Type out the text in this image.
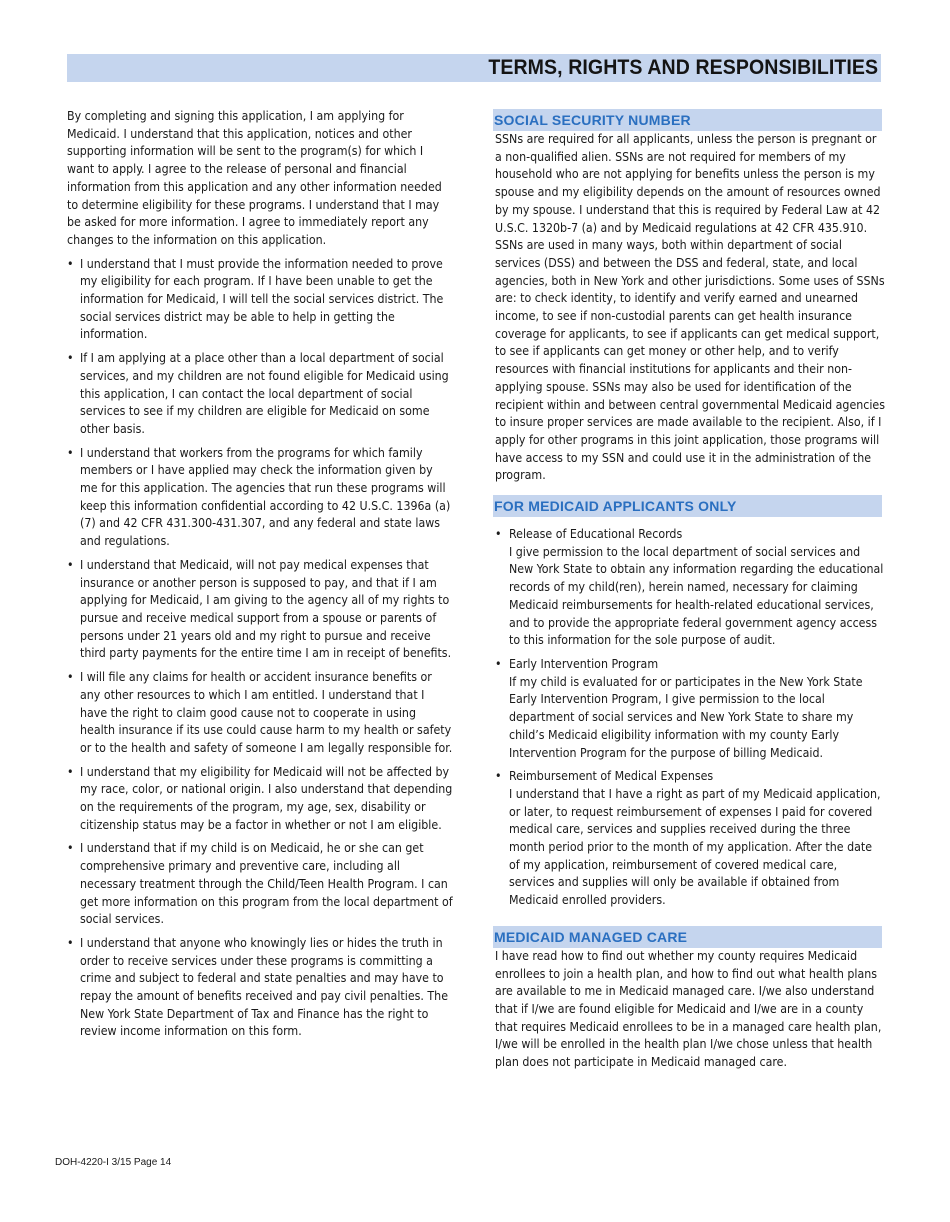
TERMS, RIGHTS AND RESPONSIBILITIES

By completing and signing this application, I am applying for Medicaid. I understand that this application, notices and other supporting information will be sent to the program(s) for which I want to apply. I agree to the release of personal and financial information from this application and any other information needed to determine eligibility for these programs. I understand that I may be asked for more information. I agree to immediately report any changes to the information on this application.

• I understand that I must provide the information needed to prove my eligibility for each program. If I have been unable to get the information for Medicaid, I will tell the social services district. The social services district may be able to help in getting the information.
• If I am applying at a place other than a local department of social services, and my children are not found eligible for Medicaid using this application, I can contact the local department of social services to see if my children are eligible for Medicaid on some other basis.
• I understand that workers from the programs for which family members or I have applied may check the information given by me for this application. The agencies that run these programs will keep this information confidential according to 42 U.S.C. 1396a (a) (7) and 42 CFR 431.300-431.307, and any federal and state laws and regulations.
• I understand that Medicaid, will not pay medical expenses that insurance or another person is supposed to pay, and that if I am applying for Medicaid, I am giving to the agency all of my rights to pursue and receive medical support from a spouse or parents of persons under 21 years old and my right to pursue and receive third party payments for the entire time I am in receipt of benefits.
• I will file any claims for health or accident insurance benefits or any other resources to which I am entitled. I understand that I have the right to claim good cause not to cooperate in using health insurance if its use could cause harm to my health or safety or to the health and safety of someone I am legally responsible for.
• I understand that my eligibility for Medicaid will not be affected by my race, color, or national origin. I also understand that depending on the requirements of the program, my age, sex, disability or citizenship status may be a factor in whether or not I am eligible.
• I understand that if my child is on Medicaid, he or she can get comprehensive primary and preventive care, including all necessary treatment through the Child/Teen Health Program. I can get more information on this program from the local department of social services.
• I understand that anyone who knowingly lies or hides the truth in order to receive services under these programs is committing a crime and subject to federal and state penalties and may have to repay the amount of benefits received and pay civil penalties. The New York State Department of Tax and Finance has the right to review income information on this form.
SOCIAL SECURITY NUMBER

SSNs are required for all applicants, unless the person is pregnant or a non-qualified alien. SSNs are not required for members of my household who are not applying for benefits unless the person is my spouse and my eligibility depends on the amount of resources owned by my spouse. I understand that this is required by Federal Law at 42 U.S.C. 1320b-7 (a) and by Medicaid regulations at 42 CFR 435.910. SSNs are used in many ways, both within department of social services (DSS) and between the DSS and federal, state, and local agencies, both in New York and other jurisdictions. Some uses of SSNs are: to check identity, to identify and verify earned and unearned income, to see if non-custodial parents can get health insurance coverage for applicants, to see if applicants can get medical support, to see if applicants can get money or other help, and to verify resources with financial institutions for applicants and their non-applying spouse. SSNs may also be used for identification of the recipient within and between central governmental Medicaid agencies to insure proper services are made available to the recipient. Also, if I apply for other programs in this joint application, those programs will have access to my SSN and could use it in the administration of the program.

FOR MEDICAID APPLICANTS ONLY
• Release of Educational Records
I give permission to the local department of social services and New York State to obtain any information regarding the educational records of my child(ren), herein named, necessary for claiming Medicaid reimbursements for health-related educational services, and to provide the appropriate federal government agency access to this information for the sole purpose of audit.
• Early Intervention Program
If my child is evaluated for or participates in the New York State Early Intervention Program, I give permission to the local department of social services and New York State to share my child’s Medicaid eligibility information with my county Early Intervention Program for the purpose of billing Medicaid.
• Reimbursement of Medical Expenses
I understand that I have a right as part of my Medicaid application, or later, to request reimbursement of expenses I paid for covered medical care, services and supplies received during the three month period prior to the month of my application. After the date of my application, reimbursement of covered medical care, services and supplies will only be available if obtained from Medicaid enrolled providers.
MEDICAID MANAGED CARE

I have read how to find out whether my county requires Medicaid enrollees to join a health plan, and how to find out what health plans are available to me in Medicaid managed care. I/we also understand that if I/we are found eligible for Medicaid and I/we are in a county that requires Medicaid enrollees to be in a managed care health plan, I/we will be enrolled in the health plan I/we chose unless that health plan does not participate in Medicaid managed care.

DOH-4220-I 3/15 Page 14
